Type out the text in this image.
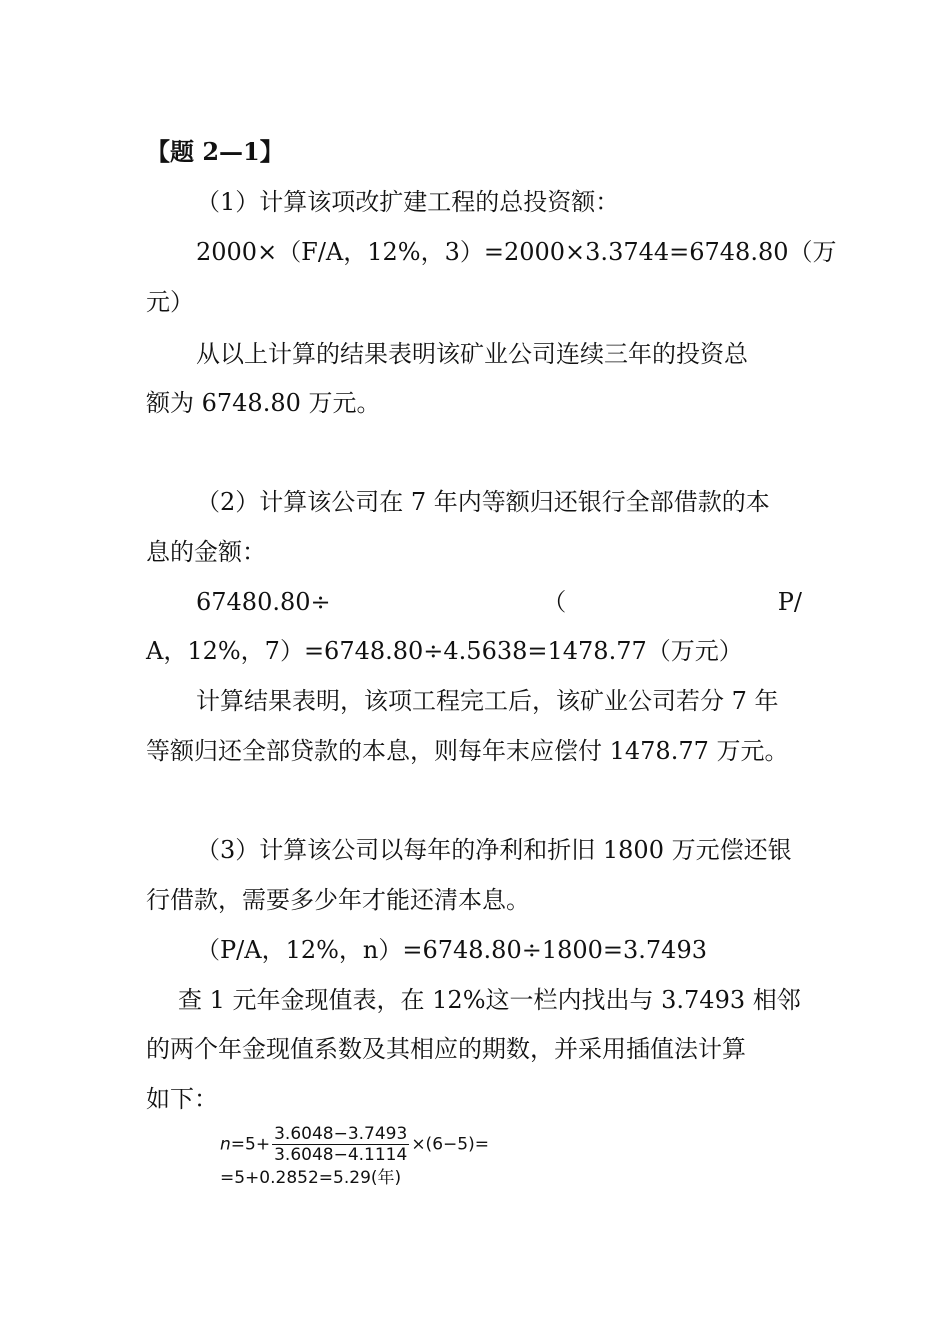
【题 2—1】
（1）计算该项改扩建工程的总投资额：
2000×（F/A，12%，3）=2000×3.3744=6748.80（万
元）
从以上计算的结果表明该矿业公司连续三年的投资总
额为 6748.80 万元。
（2）计算该公司在 7 年内等额归还银行全部借款的本
息的金额：
67480.80÷	（	P/
A，12%，7）=6748.80÷4.5638=1478.77（万元）
计算结果表明，该项工程完工后，该矿业公司若分 7 年
等额归还全部贷款的本息，则每年末应偿付 1478.77 万元。
（3）计算该公司以每年的净利和折旧 1800 万元偿还银
行借款，需要多少年才能还清本息。
（P/A，12%，n）=6748.80÷1800=3.7493
查 1 元年金现值表，在 12%这一栏内找出与 3.7493 相邻
的两个年金现值系数及其相应的期数，并采用插值法计算
如下：
$n=5+ \frac{3.6048-3.7493}{3.6048-4.1114} \times(6-5)=$
=5+0.2852=5.29(年)
